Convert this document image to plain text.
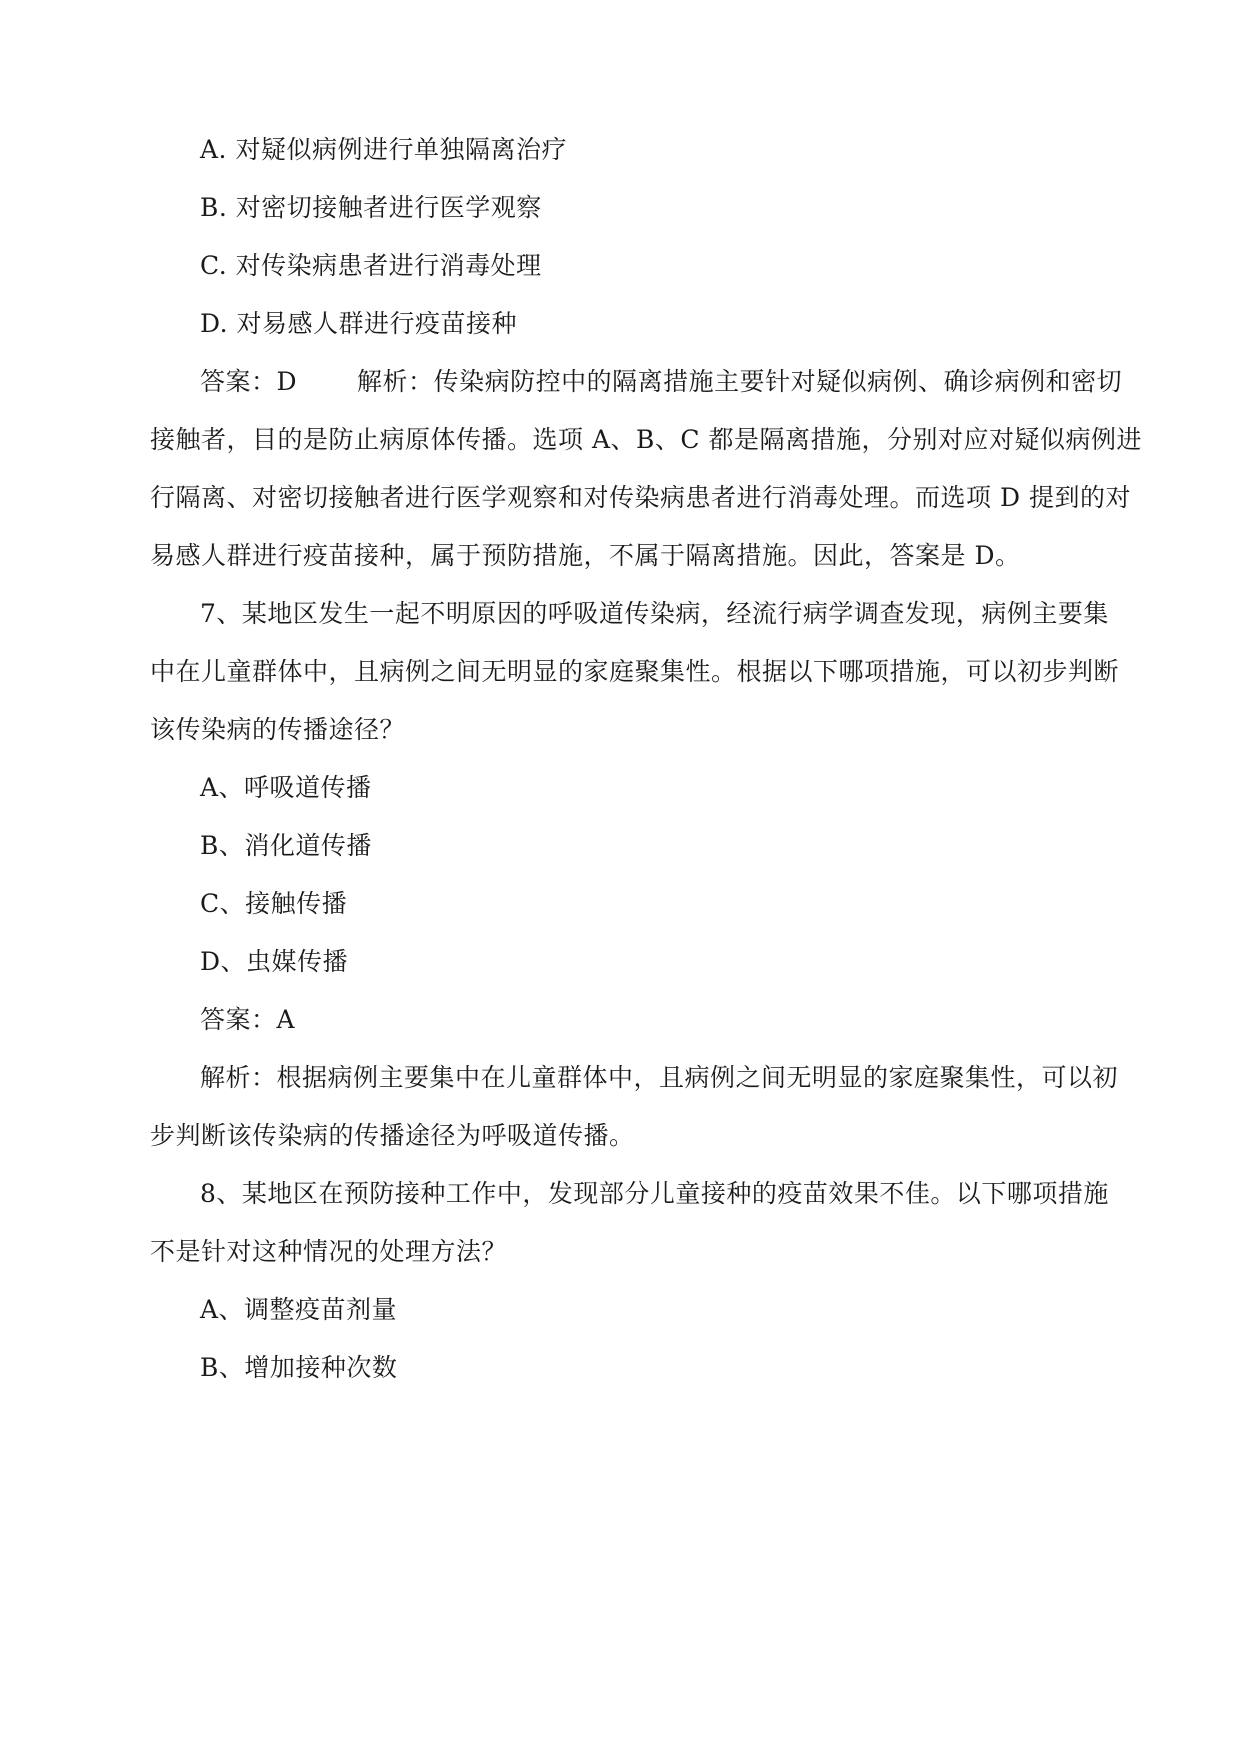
A. 对疑似病例进行单独隔离治疗
B. 对密切接触者进行医学观察
C. 对传染病患者进行消毒处理
D. 对易感人群进行疫苗接种
答案：D 解析：传染病防控中的隔离措施主要针对疑似病例、确诊病例和密切
接触者，目的是防止病原体传播。选项 A、B、C 都是隔离措施，分别对应对疑似病例进
行隔离、对密切接触者进行医学观察和对传染病患者进行消毒处理。而选项 D 提到的对
易感人群进行疫苗接种，属于预防措施，不属于隔离措施。因此，答案是 D。
7、某地区发生一起不明原因的呼吸道传染病，经流行病学调查发现，病例主要集
中在儿童群体中，且病例之间无明显的家庭聚集性。根据以下哪项措施，可以初步判断
该传染病的传播途径？
A、呼吸道传播
B、消化道传播
C、接触传播
D、虫媒传播
答案：A
解析：根据病例主要集中在儿童群体中，且病例之间无明显的家庭聚集性，可以初
步判断该传染病的传播途径为呼吸道传播。
8、某地区在预防接种工作中，发现部分儿童接种的疫苗效果不佳。以下哪项措施
不是针对这种情况的处理方法？
A、调整疫苗剂量
B、增加接种次数
